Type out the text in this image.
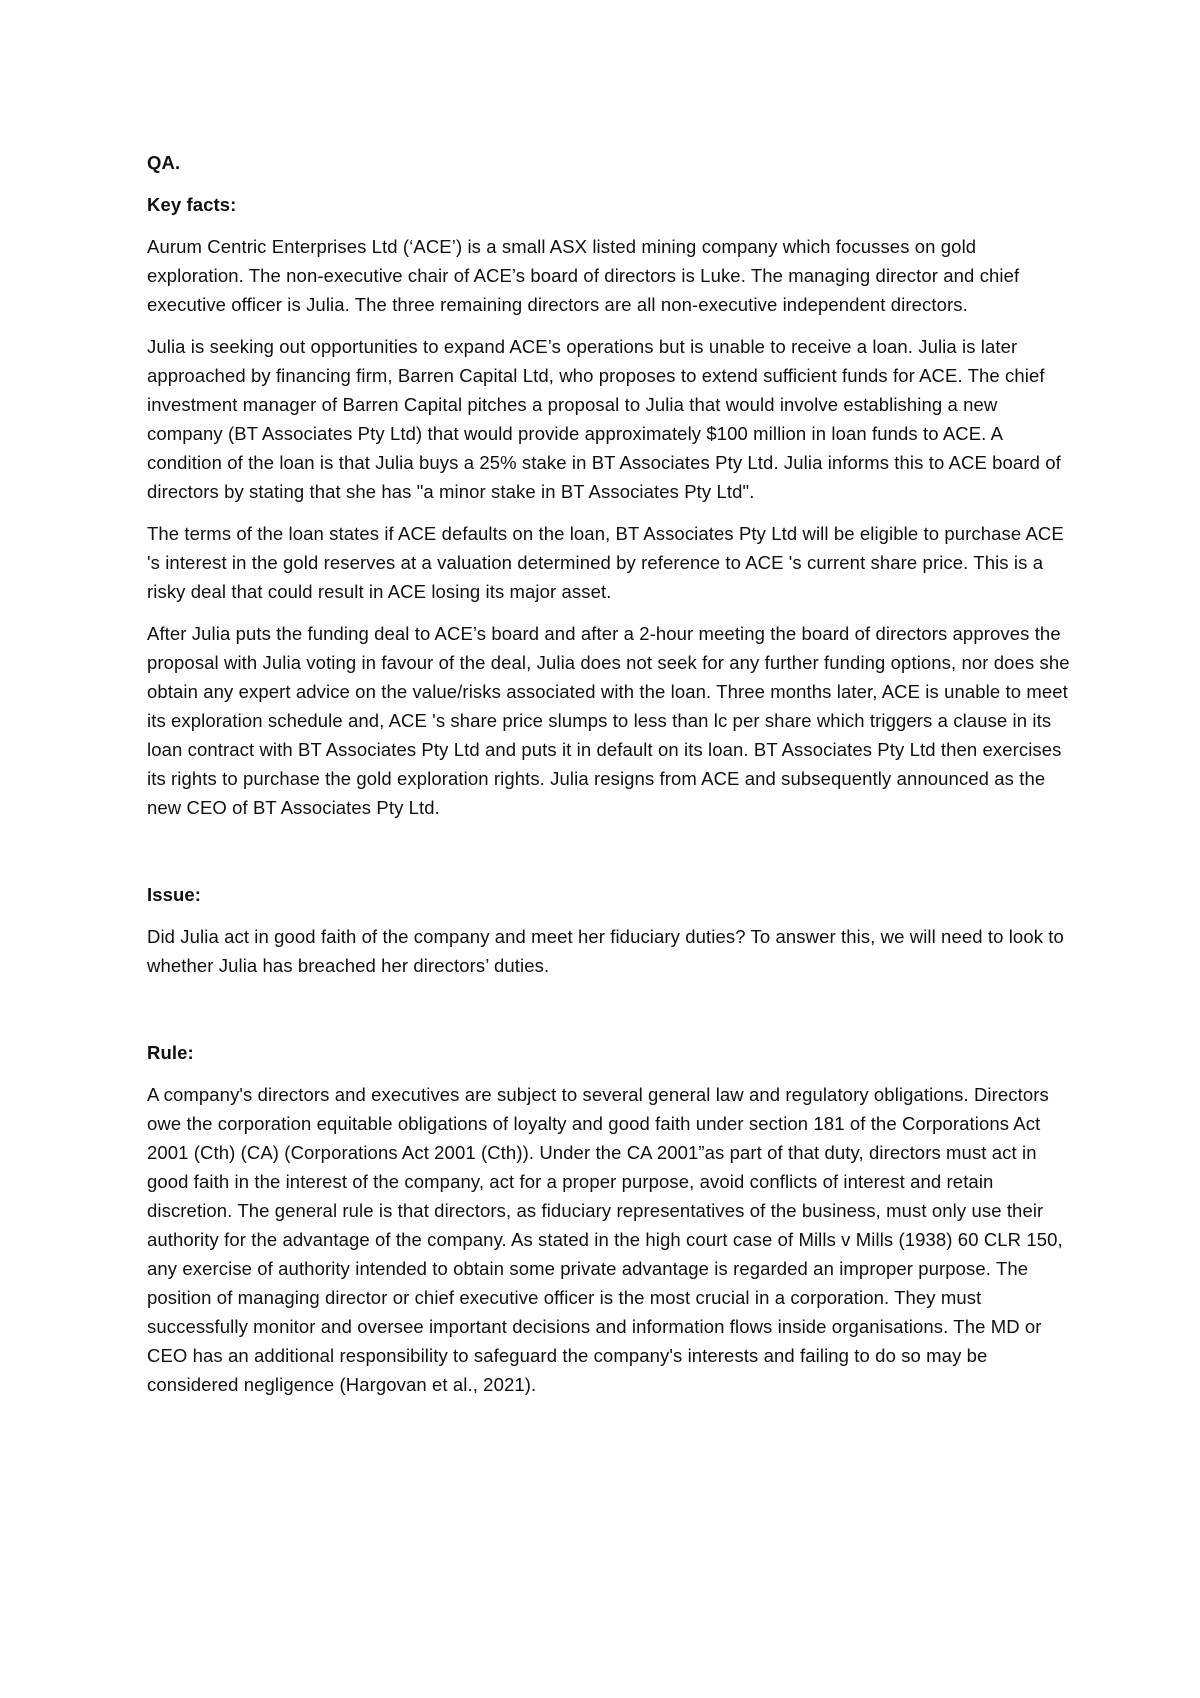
QA.
Key facts:

Aurum Centric Enterprises Ltd (‘ACE’) is a small ASX listed mining company which focusses on gold exploration. The non-executive chair of ACE’s board of directors is Luke. The managing director and chief executive officer is Julia. The three remaining directors are all non-executive independent directors.

Julia is seeking out opportunities to expand ACE’s operations but is unable to receive a loan. Julia is later approached by financing firm, Barren Capital Ltd, who proposes to extend sufficient funds for ACE. The chief investment manager of Barren Capital pitches a proposal to Julia that would involve establishing a new company (BT Associates Pty Ltd) that would provide approximately $100 million in loan funds to ACE. A condition of the loan is that Julia buys a 25% stake in BT Associates Pty Ltd. Julia informs this to ACE board of directors by stating that she has "a minor stake in BT Associates Pty Ltd".

The terms of the loan states if ACE defaults on the loan, BT Associates Pty Ltd will be eligible to purchase ACE 's interest in the gold reserves at a valuation determined by reference to ACE 's current share price. This is a risky deal that could result in ACE losing its major asset.

After Julia puts the funding deal to ACE’s board and after a 2-hour meeting the board of directors approves the proposal with Julia voting in favour of the deal, Julia does not seek for any further funding options, nor does she obtain any expert advice on the value/risks associated with the loan. Three months later, ACE is unable to meet its exploration schedule and, ACE 's share price slumps to less than lc per share which triggers a clause in its loan contract with BT Associates Pty Ltd and puts it in default on its loan. BT Associates Pty Ltd then exercises its rights to purchase the gold exploration rights. Julia resigns from ACE and subsequently announced as the new CEO of BT Associates Pty Ltd.

Issue:

Did Julia act in good faith of the company and meet her fiduciary duties? To answer this, we will need to look to whether Julia has breached her directors’ duties.

Rule:

A company's directors and executives are subject to several general law and regulatory obligations. Directors owe the corporation equitable obligations of loyalty and good faith under section 181 of the Corporations Act 2001 (Cth) (CA) (Corporations Act 2001 (Cth)). Under the CA 2001”as part of that duty, directors must act in good faith in the interest of the company, act for a proper purpose, avoid conflicts of interest and retain discretion. The general rule is that directors, as fiduciary representatives of the business, must only use their authority for the advantage of the company. As stated in the high court case of Mills v Mills (1938) 60 CLR 150, any exercise of authority intended to obtain some private advantage is regarded an improper purpose. The position of managing director or chief executive officer is the most crucial in a corporation. They must successfully monitor and oversee important decisions and information flows inside organisations. The MD or CEO has an additional responsibility to safeguard the company's interests and failing to do so may be considered negligence (Hargovan et al., 2021).
